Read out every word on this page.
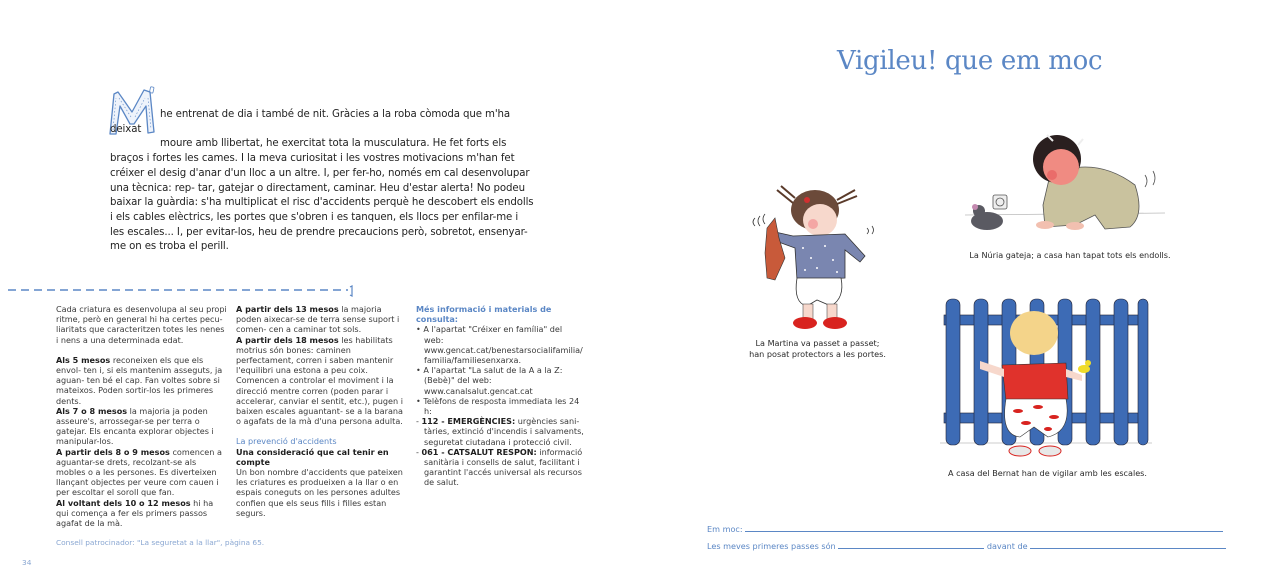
he entrenat de dia i també de nit. Gràcies a la roba còmoda que m'ha deixat
moure amb llibertat, he exercitat tota la musculatura. He fet forts els braços i fortes les cames. I la meva curiositat i les vostres motivacions m'han fet créixer el desig d'anar d'un lloc a un altre. I, per fer-ho, només em cal desenvolupar una tècnica: rep- tar, gatejar o directament, caminar. Heu d'estar alerta! No podeu baixar la guàrdia: s'ha multiplicat el risc d'accidents perquè he descobert els endolls i els cables elèctrics, les portes que s'obren i es tanquen, els llocs per enfilar-me i les escales... I, per evitar-los, heu de prendre precaucions però, sobretot, ensenyar-me on es troba el perill.

Cada criatura es desenvolupa al seu propi ritme, però en general hi ha certes pecu- liaritats que caracteritzen totes les nenes i nens a una determinada edat.

Als 5 mesos reconeixen els que els envol- ten i, si els mantenim asseguts, ja aguan- ten bé el cap. Fan voltes sobre si mateixos. Poden sortir-los les primeres dents.

Als 7 o 8 mesos la majoria ja poden asseure's, arrossegar-se per terra o gatejar. Els encanta explorar objectes i manipular-los.

A partir dels 8 o 9 mesos comencen a aguantar-se drets, recolzant-se als mobles o a les persones. Es diverteixen llançant objectes per veure com cauen i per escoltar el soroll que fan.

Al voltant dels 10 o 12 mesos hi ha qui comença a fer els primers passos agafat de la mà.

A partir dels 13 mesos la majoria poden aixecar-se de terra sense suport i comen- cen a caminar tot sols.

A partir dels 18 mesos les habilitats motrius són bones: caminen perfectament, corren i saben mantenir l'equilibri una estona a peu coix. Comencen a controlar el moviment i la direcció mentre corren (poden parar i accelerar, canviar el sentit, etc.), pugen i baixen escales aguantant- se a la barana o agafats de la mà d'una persona adulta.

La prevenció d'accidents

Una consideració que cal tenir en compte

Un bon nombre d'accidents que pateixen les criatures es produeixen a la llar o en espais coneguts on les persones adultes confien que els seus fills i filles estan segurs.

Més informació i materials de consulta:

• A l'apartat "Créixer en família" del web: www.gencat.cat/benestarsocialifamilia/ familia/familiesenxarxa.
• A l'apartat "La salut de la A a la Z: (Bebè)" del web: www.canalsalut.gencat.cat
• Telèfons de resposta immediata les 24 h:
- 112 - EMERGÈNCIES: urgències sani- tàries, extinció d'incendis i salvaments, seguretat ciutadana i protecció civil.
- 061 - CATSALUT RESPON: informació sanitària i consells de salut, facilitant i garantint l'accés universal als recursos de salut.
Consell patrocinador: "La seguretat a la llar", pàgina 65.
34
Vigileu! que em moc
La Martina va passet a passet;
han posat protectors a les portes.
La Núria gateja; a casa han tapat tots els endolls.
A casa del Bernat han de vigilar amb les escales.
Em moc:
Les meves primeres passes són	davant de
